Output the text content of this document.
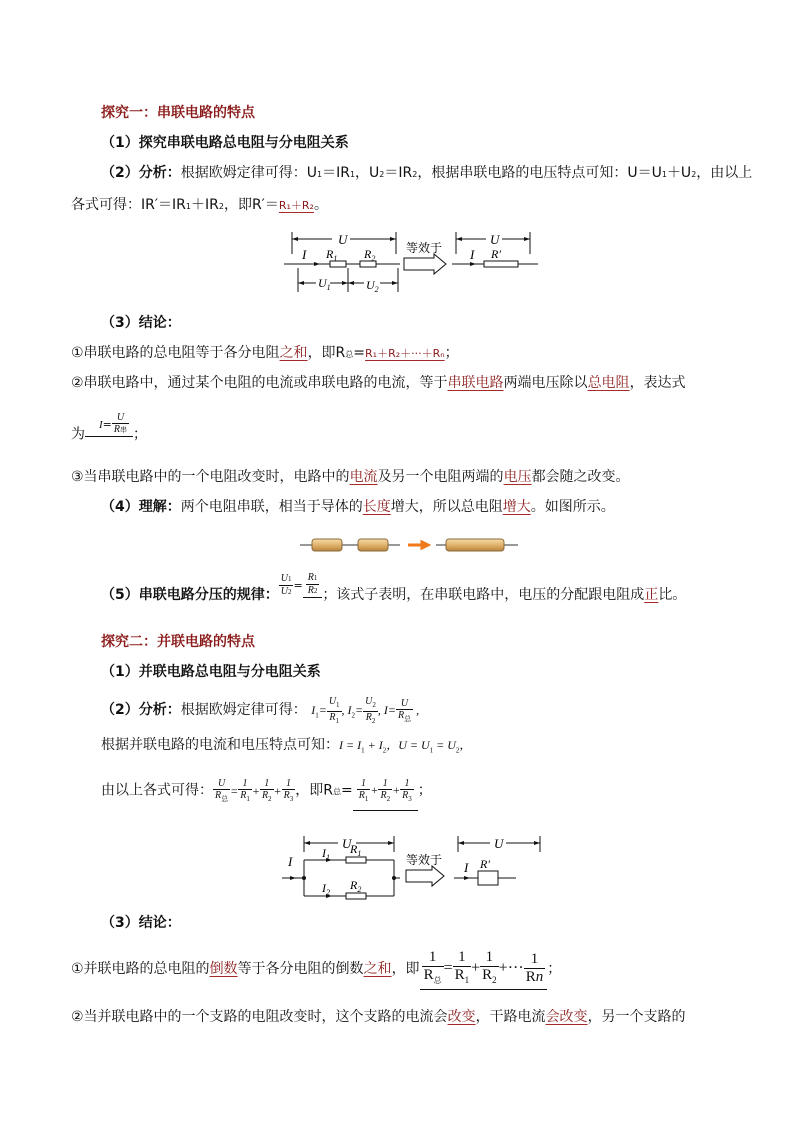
探究一：串联电路的特点
（1）探究串联电路总电阻与分电阻关系
（2）分析：根据欧姆定律可得：U1＝IR1，U2＝IR2，根据串联电路的电压特点可知：U＝U1＋U2，由以上
各式可得：IR′＝IR1＋IR2，即R′＝R₁＋R₂。
U
I $R_1$ $R_2$
$U_1$	$U_2$
等效于
U
I R′
（3）结论：
①串联电路的总电阻等于各分电阻之和，即R总=R₁＋R₂＋···＋Rₙ；
②串联电路中，通过某个电阻的电流或串联电路的电流，等于串联电路两端电压除以总电阻，表达式
为I=
U
R串 ；
③当串联电路中的一个电阻改变时，电路中的电流及另一个电阻两端的电压都会随之改变。
（4）理解：两个电阻串联，相当于导体的长度增大，所以总电阻增大。如图所示。
（5）串联电路分压的规律： $\frac{U1}{U2} = \frac{R1}{R2}$ ；该式子表明，在串联电路中，电压的分配跟电阻成正比。
探究二：并联电路的特点
（1）并联电路总电阻与分电阻关系
（2）分析：根据欧姆定律可得： $I_1= \frac{U_1}{R_1}$ , $I_2= \frac{U_2}{R_2}$ , I= U
$R_总$
,
根据并联电路的电流和电压特点可知：$I = I_1 + I_2$，$U = U_1 = U_2$，
由以上各式可得： U
$R_总$
= $\frac{1}{R_1} + \frac{1}{R_2} + \frac{1}{R_3}$ ，即R总= $\frac{1}{R_1} + \frac{1}{R_2} + \frac{1}{R_3}$ ；
U
I
$I_1$
$R_1$
$I_2$
$R_2$
等效于
U
I R′
（3）结论：
①并联电路的总电阻的倒数等于各分电阻的倒数之和，即
1
$R_总$
= $\frac{1}{R_1} + \frac{1}{R_2}$ +··· $\frac{1}{Rn}$ ；
②当并联电路中的一个支路的电阻改变时，这个支路的电流会改变，干路电流会改变，另一个支路的
